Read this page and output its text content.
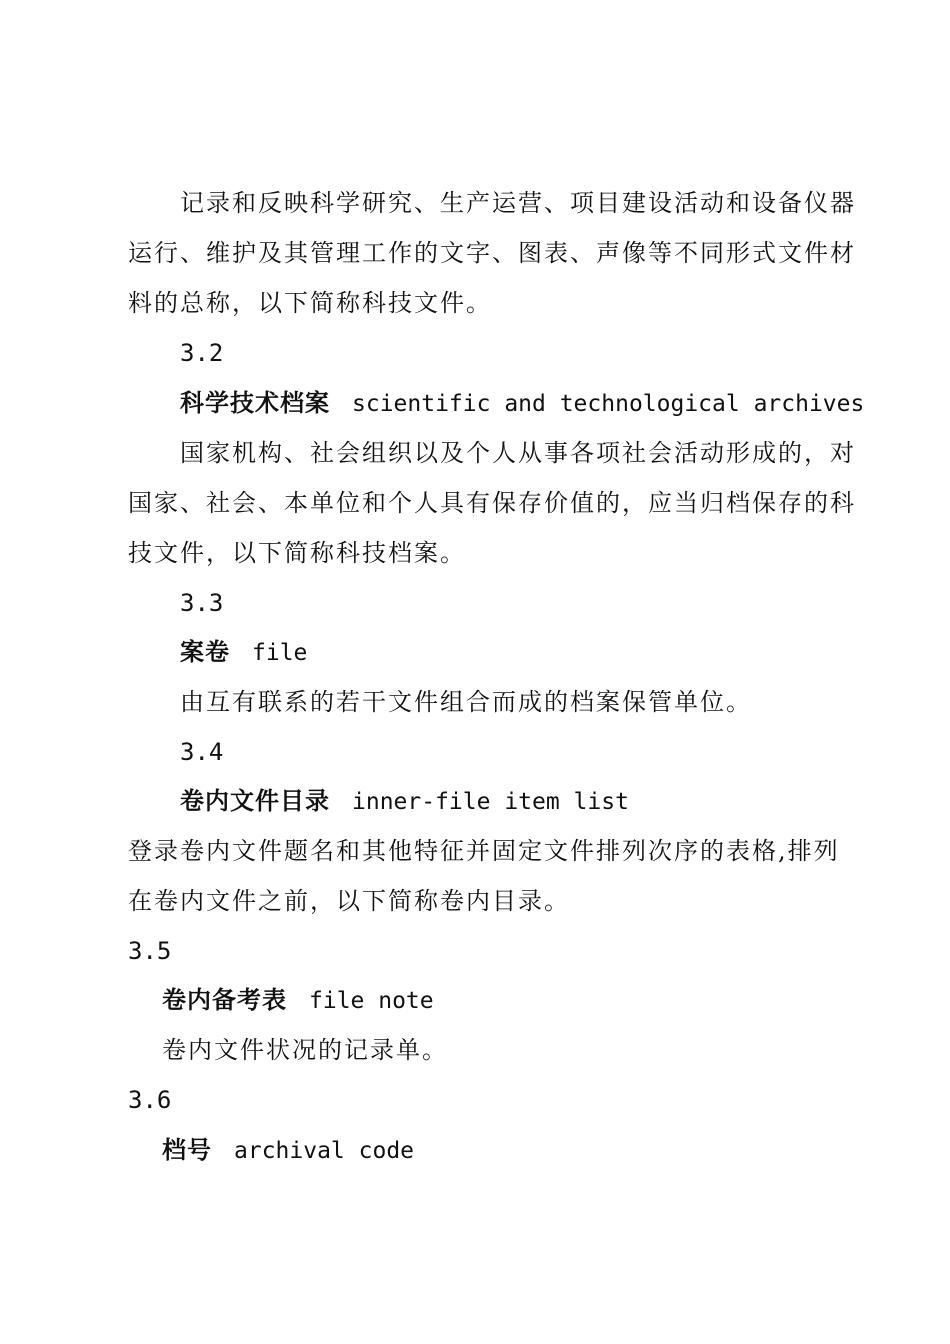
记录和反映科学研究、生产运营、项目建设活动和设备仪器
运行、维护及其管理工作的文字、图表、声像等不同形式文件材
料的总称，以下简称科技文件。
3.2
科学技术档案 scientific and technological archives
国家机构、社会组织以及个人从事各项社会活动形成的，对
国家、社会、本单位和个人具有保存价值的，应当归档保存的科
技文件，以下简称科技档案。
3.3
案卷 file
由互有联系的若干文件组合而成的档案保管单位。
3.4
卷内文件目录 inner-file item list
登录卷内文件题名和其他特征并固定文件排列次序的表格,排列
在卷内文件之前，以下简称卷内目录。
3.5
卷内备考表 file note
卷内文件状况的记录单。
3.6
档号 archival code
